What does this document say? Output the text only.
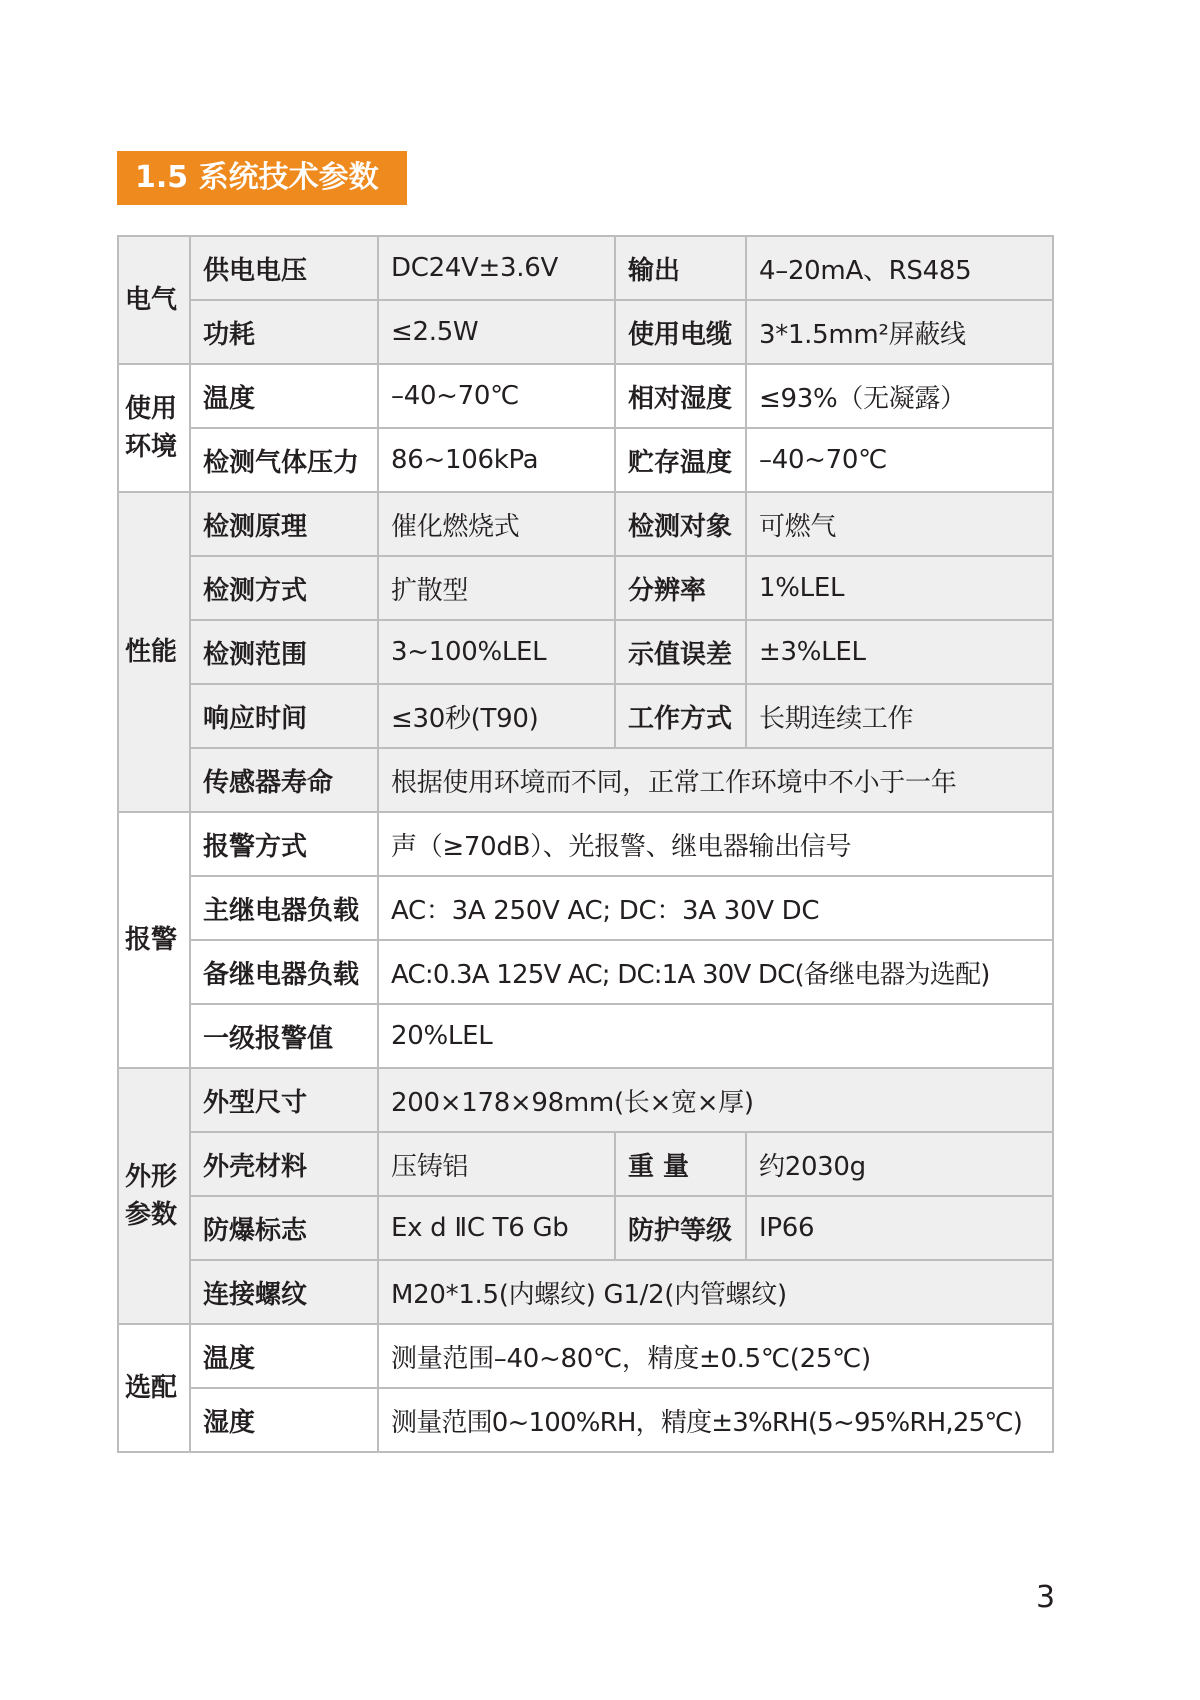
1.5 系统技术参数
电气	供电电压	DC24V±3.6V	输出	4–20mA、RS485
	功耗	≤2.5W	使用电缆	3*1.5mm²屏蔽线
使用
环境	温度	–40~70℃	相对湿度	≤93%（无凝露）
	检测气体压力	86~106kPa	贮存温度	–40~70℃
性能	检测原理	催化燃烧式	检测对象	可燃气
	检测方式	扩散型	分辨率	1%LEL
	检测范围	3~100%LEL	示值误差	±3%LEL
	响应时间	≤30秒(T90)	工作方式	长期连续工作
	传感器寿命	根据使用环境而不同，正常工作环境中不小于一年		
报警	报警方式	声（≥70dB）、光报警、继电器输出信号		
	主继电器负载	AC：3A 250V AC; DC：3A 30V DC		
	备继电器负载	AC:0.3A 125V AC; DC:1A 30V DC(备继电器为选配)		
	一级报警值	20%LEL		
外形
参数	外型尺寸	200×178×98mm(长×宽×厚)		
	外壳材料	压铸铝	重 量	约2030g
	防爆标志	Ex d ⅡC T6 Gb	防护等级	IP66
	连接螺纹	M20*1.5(内螺纹) G1/2(内管螺纹)		
选配	温度	测量范围–40~80℃，精度±0.5℃(25℃)		
	湿度	测量范围0~100%RH，精度±3%RH(5~95%RH,25℃)		
3
